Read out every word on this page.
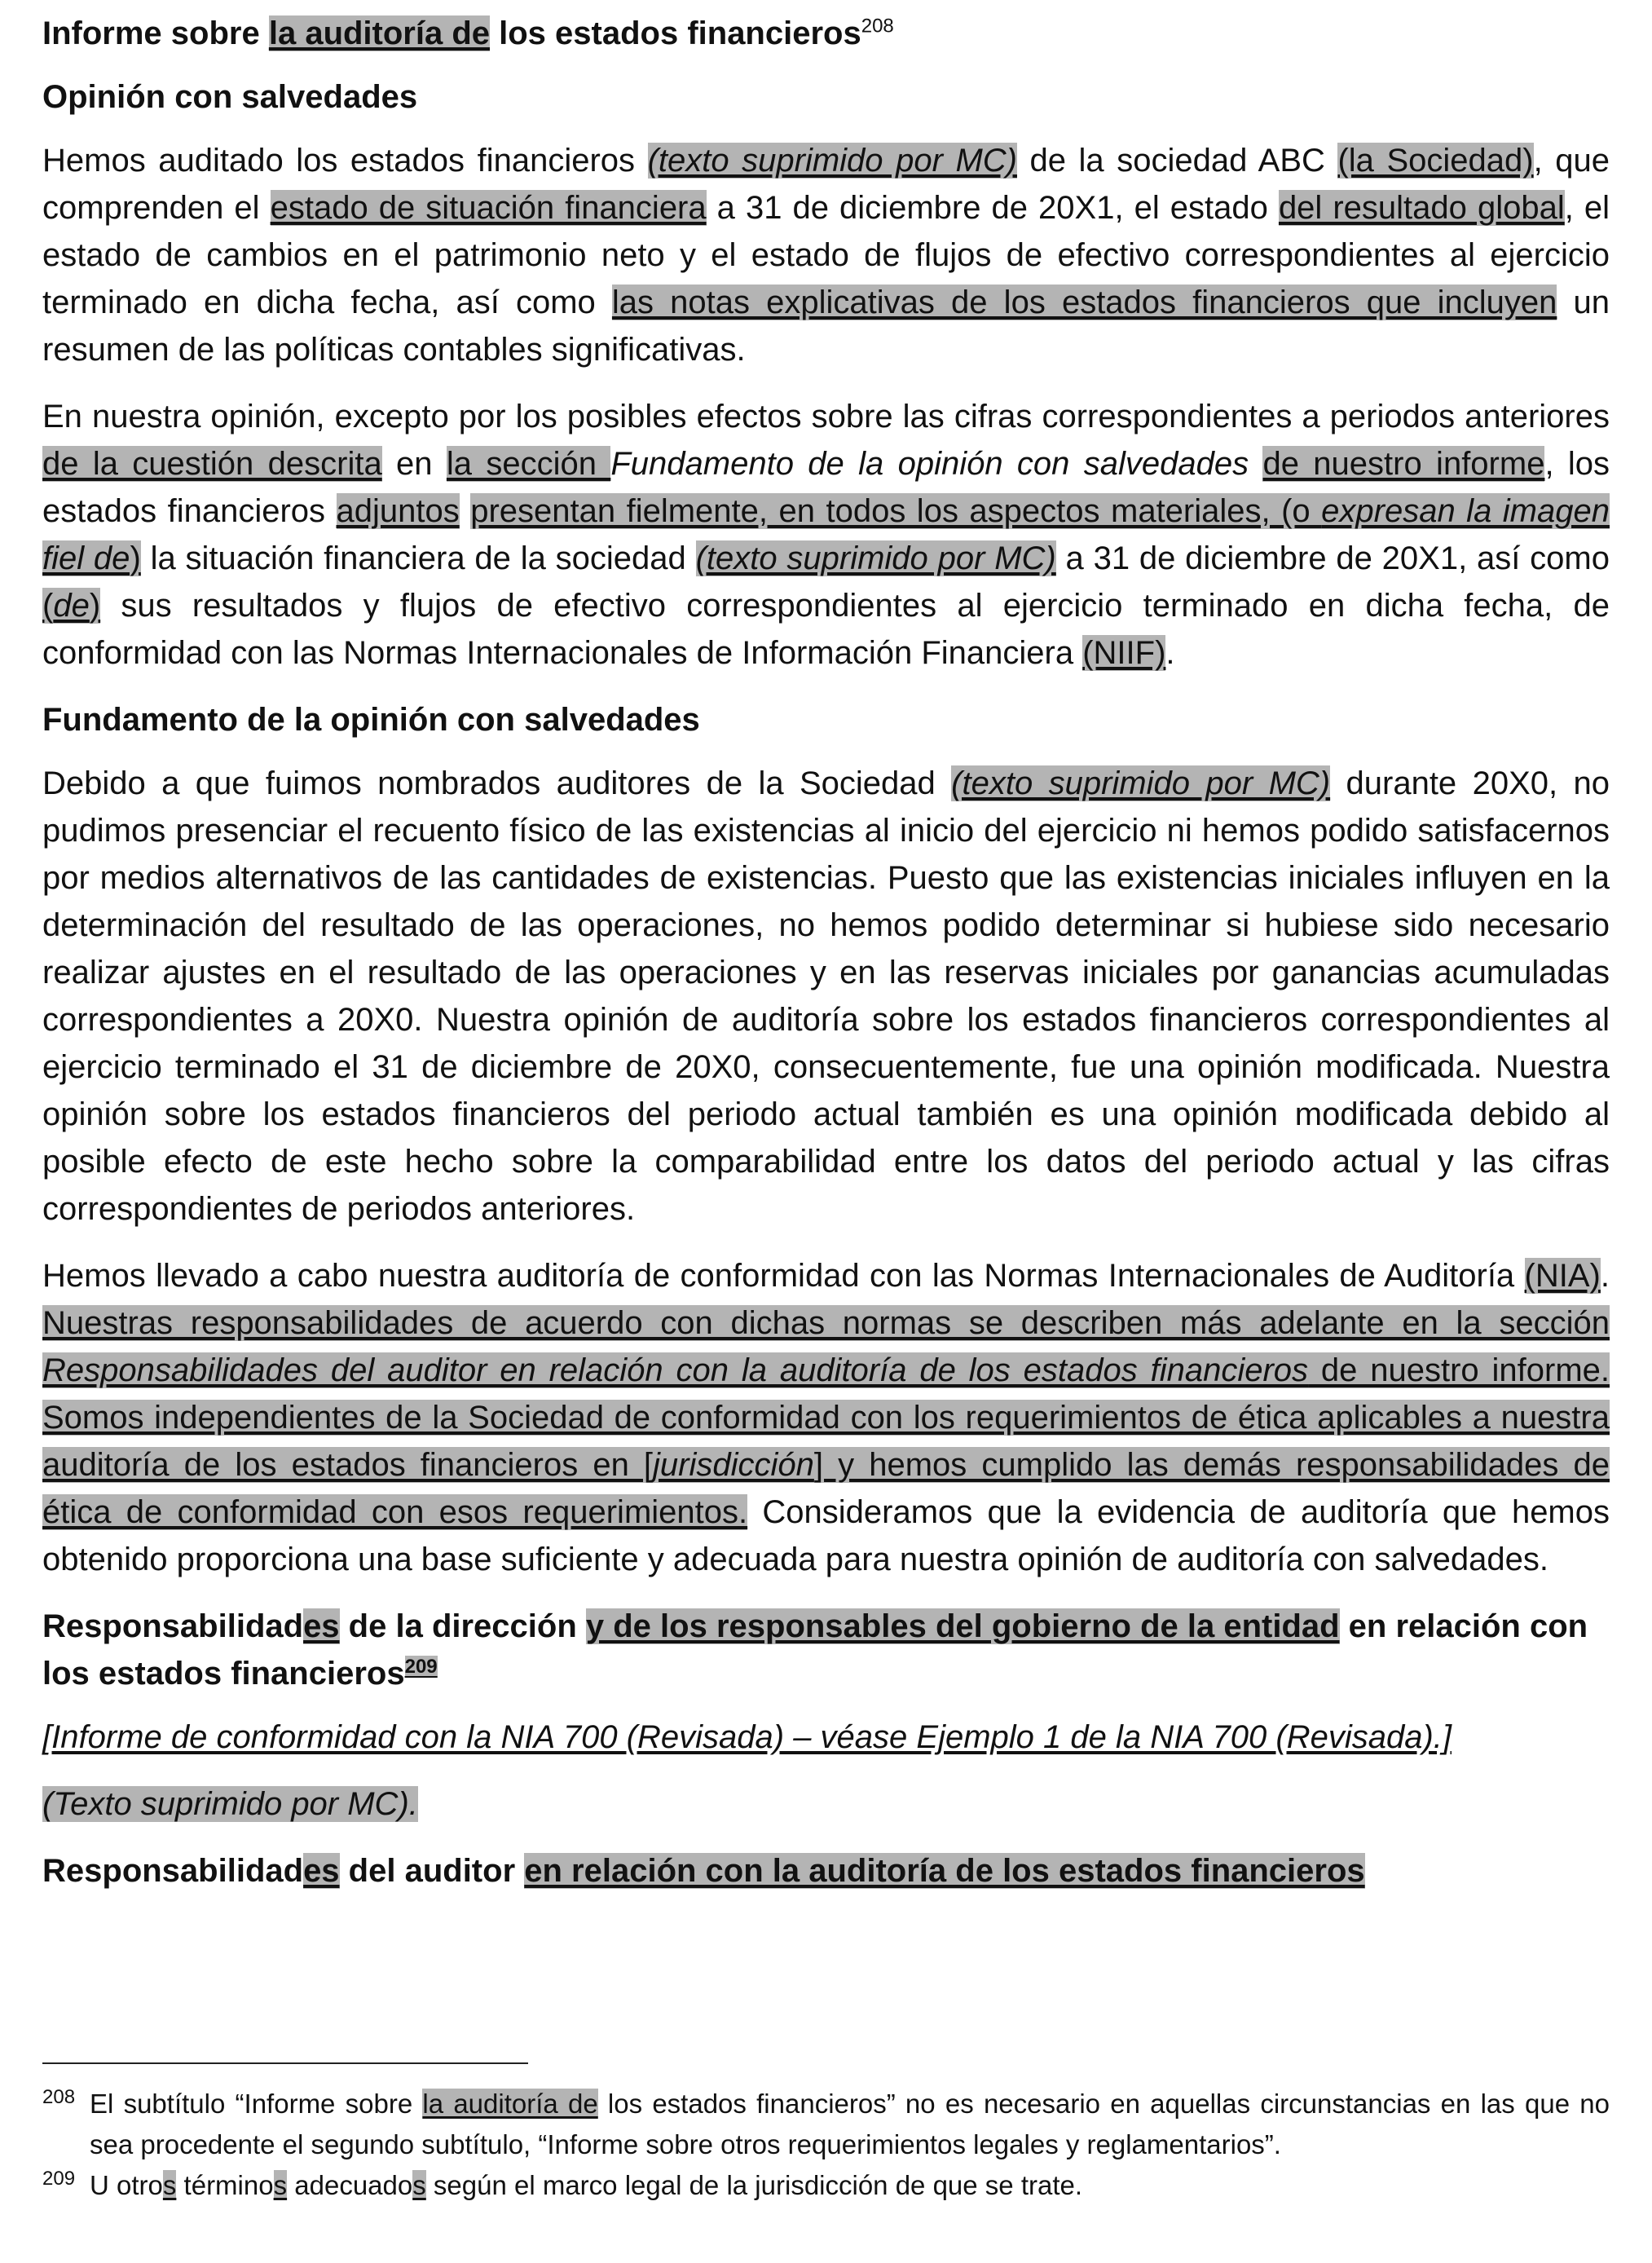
Informe sobre la auditoría de los estados financieros$^{208}$
Opinión con salvedades

Hemos auditado los estados financieros (texto suprimido por MC) de la sociedad ABC (la Sociedad), que comprenden el estado de situación financiera a 31 de diciembre de 20X1, el estado del resultado global, el estado de cambios en el patrimonio neto y el estado de flujos de efectivo correspondientes al ejercicio terminado en dicha fecha, así como las notas explicativas de los estados financieros que incluyen un resumen de las políticas contables significativas.

En nuestra opinión, excepto por los posibles efectos sobre las cifras correspondientes a periodos anteriores de la cuestión descrita en la sección Fundamento de la opinión con salvedades de nuestro informe, los estados financieros adjuntos presentan fielmente, en todos los aspectos materiales, (o expresan la imagen fiel de) la situación financiera de la sociedad (texto suprimido por MC) a 31 de diciembre de 20X1, así como (de) sus resultados y flujos de efectivo correspondientes al ejercicio terminado en dicha fecha, de conformidad con las Normas Internacionales de Información Financiera (NIIF).

Fundamento de la opinión con salvedades

Debido a que fuimos nombrados auditores de la Sociedad (texto suprimido por MC) durante 20X0, no pudimos presenciar el recuento físico de las existencias al inicio del ejercicio ni hemos podido satisfacernos por medios alternativos de las cantidades de existencias. Puesto que las existencias iniciales influyen en la determinación del resultado de las operaciones, no hemos podido determinar si hubiese sido necesario realizar ajustes en el resultado de las operaciones y en las reservas iniciales por ganancias acumuladas correspondientes a 20X0. Nuestra opinión de auditoría sobre los estados financieros correspondientes al ejercicio terminado el 31 de diciembre de 20X0, consecuentemente, fue una opinión modificada. Nuestra opinión sobre los estados financieros del periodo actual también es una opinión modificada debido al posible efecto de este hecho sobre la comparabilidad entre los datos del periodo actual y las cifras correspondientes de periodos anteriores.

Hemos llevado a cabo nuestra auditoría de conformidad con las Normas Internacionales de Auditoría (NIA). Nuestras responsabilidades de acuerdo con dichas normas se describen más adelante en la sección Responsabilidades del auditor en relación con la auditoría de los estados financieros de nuestro informe. Somos independientes de la Sociedad de conformidad con los requerimientos de ética aplicables a nuestra auditoría de los estados financieros en [jurisdicción] y hemos cumplido las demás responsabilidades de ética de conformidad con esos requerimientos. Consideramos que la evidencia de auditoría que hemos obtenido proporciona una base suficiente y adecuada para nuestra opinión de auditoría con salvedades.

Responsabilidades de la dirección y de los responsables del gobierno de la entidad en relación con los estados financieros$^{209}$

[Informe de conformidad con la NIA 700 (Revisada) – véase Ejemplo 1 de la NIA 700 (Revisada).]

(Texto suprimido por MC).

Responsabilidades del auditor en relación con la auditoría de los estados financieros

208 El subtítulo “Informe sobre la auditoría de los estados financieros” no es necesario en aquellas circunstancias en las que no sea procedente el segundo subtítulo, “Informe sobre otros requerimientos legales y reglamentarios”.

209 U otros términos adecuados según el marco legal de la jurisdicción de que se trate.
